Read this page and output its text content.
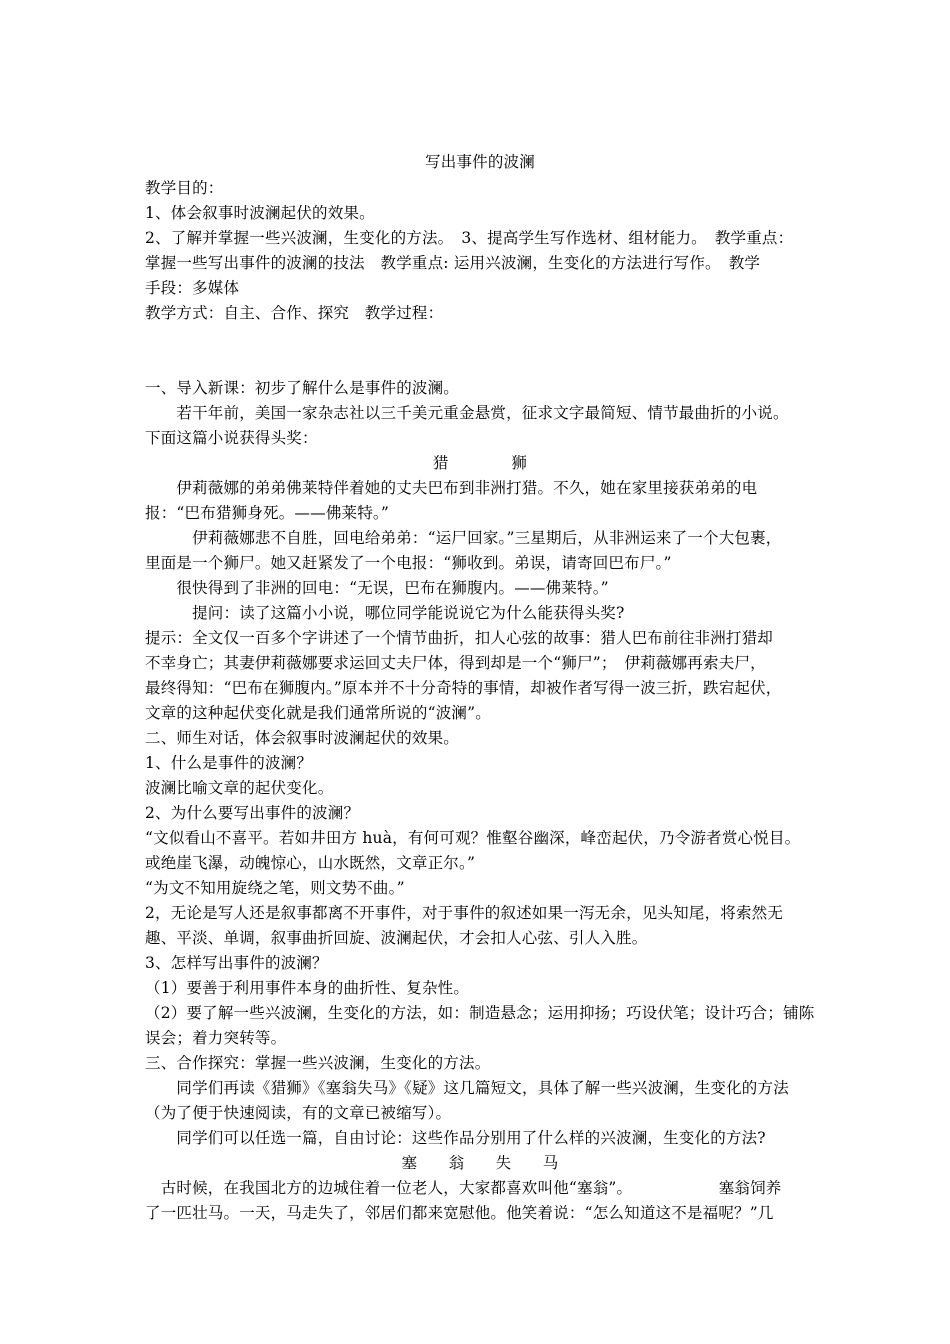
写出事件的波澜
教学目的：
1、体会叙事时波澜起伏的效果。
2、了解并掌握一些兴波澜，生变化的方法。　3、提高学生写作选材、组材能力。　教学重点：
掌握一些写出事件的波澜的技法　教学重点: 运用兴波澜，生变化的方法进行写作。　教学
手段：多媒体
教学方式：自主、合作、探究　教学过程：
一、导入新课：初步了解什么是事件的波澜。
　　若干年前，美国一家杂志社以三千美元重金悬赏，征求文字最简短、情节最曲折的小说。
下面这篇小说获得头奖：
猎　　　　狮
　　伊莉薇娜的弟弟佛莱特伴着她的丈夫巴布到非洲打猎。不久，她在家里接获弟弟的电
报：“巴布猎狮身死。——佛莱特。”
　　　伊莉薇娜悲不自胜，回电给弟弟：“运尸回家。”三星期后，从非洲运来了一个大包裹，
里面是一个狮尸。她又赶紧发了一个电报：“狮收到。弟误，请寄回巴布尸。”
　　很快得到了非洲的回电：“无误，巴布在狮腹内。——佛莱特。”
　　　提问：读了这篇小小说，哪位同学能说说它为什么能获得头奖?
提示：全文仅一百多个字讲述了一个情节曲折，扣人心弦的故事：猎人巴布前往非洲打猎却
不幸身亡；其妻伊莉薇娜要求运回丈夫尸体，得到却是一个“狮尸”；　伊莉薇娜再索夫尸，
最终得知：“巴布在狮腹内。”原本并不十分奇特的事情，却被作者写得一波三折，跌宕起伏，
文章的这种起伏变化就是我们通常所说的“波澜”。
二、师生对话，体会叙事时波澜起伏的效果。
1、什么是事件的波澜？
波澜比喻文章的起伏变化。
2、为什么要写出事件的波澜？
“文似看山不喜平。若如井田方 huà，有何可观？惟壑谷幽深，峰峦起伏，乃令游者赏心悦目。
或绝崖飞瀑，动魄惊心，山水既然，文章正尔。”
“为文不知用旋绕之笔，则文势不曲。”
2，无论是写人还是叙事都离不开事件，对于事件的叙述如果一泻无余，见头知尾，将索然无
趣、平淡、单调，叙事曲折回旋、波澜起伏，才会扣人心弦、引人入胜。
3、怎样写出事件的波澜？
（1）要善于利用事件本身的曲折性、复杂性。
（2）要了解一些兴波澜，生变化的方法，如：制造悬念；运用抑扬；巧设伏笔；设计巧合；铺陈
误会；着力突转等。
三、合作探究：掌握一些兴波澜，生变化的方法。
　　同学们再读《猎狮》《塞翁失马》《疑》这几篇短文，具体了解一些兴波澜，生变化的方法
（为了便于快速阅读，有的文章已被缩写）。
　　同学们可以任选一篇，自由讨论：这些作品分别用了什么样的兴波澜，生变化的方法?
塞　　翁　　失　　马
　古时候，在我国北方的边城住着一位老人，大家都喜欢叫他“塞翁”。　　　　　　塞翁饲养
了一匹壮马。一天，马走失了，邻居们都来宽慰他。他笑着说：“怎么知道这不是福呢？”几
